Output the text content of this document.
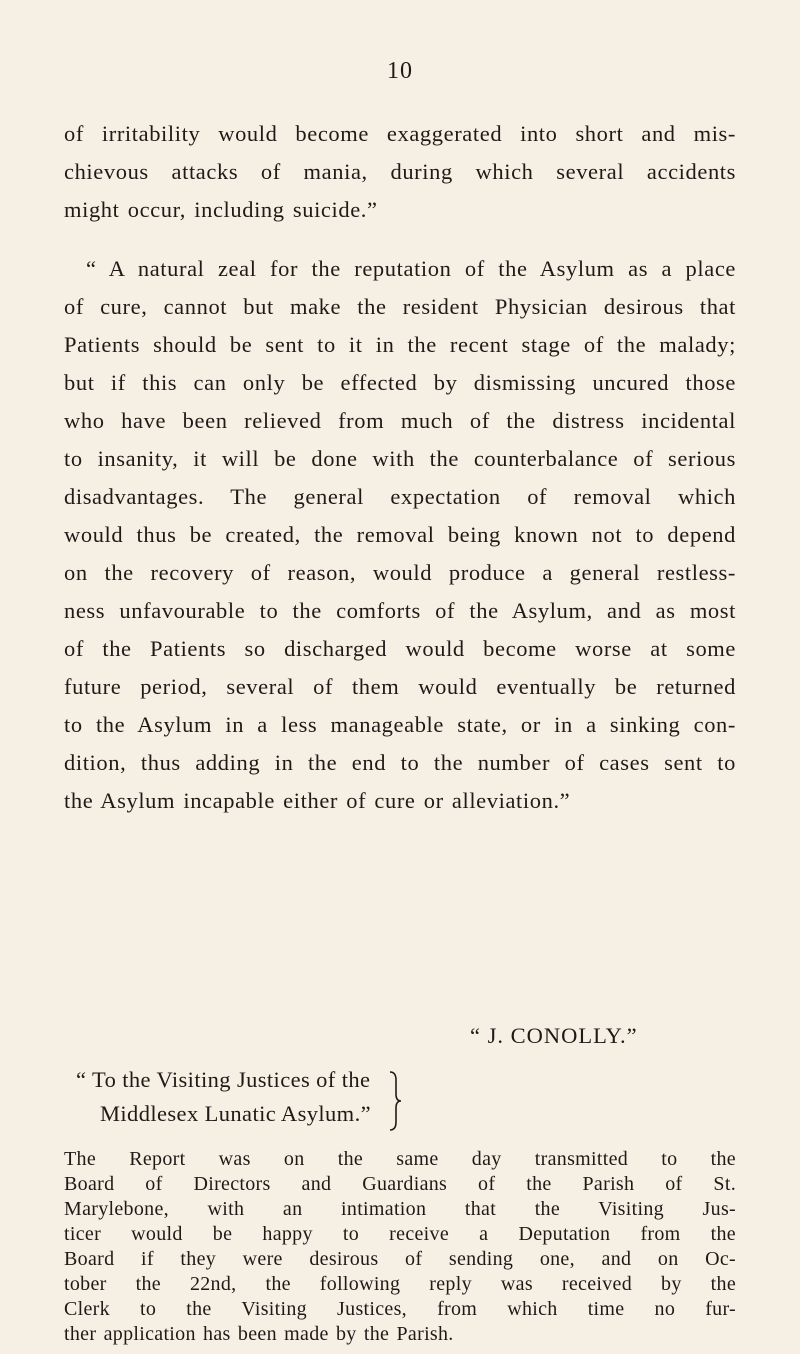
10
of irritability would become exaggerated into short and mis-
chievous attacks of mania, during which several accidents
might occur, including suicide.”
“ A natural zeal for the reputation of the Asylum as a place
of cure, cannot but make the resident Physician desirous that
Patients should be sent to it in the recent stage of the malady;
but if this can only be effected by dismissing uncured those
who have been relieved from much of the distress incidental
to insanity, it will be done with the counterbalance of serious
disadvantages. The general expectation of removal which
would thus be created, the removal being known not to depend
on the recovery of reason, would produce a general restless-
ness unfavourable to the comforts of the Asylum, and as most
of the Patients so discharged would become worse at some
future period, several of them would eventually be returned
to the Asylum in a less manageable state, or in a sinking con-
dition, thus adding in the end to the number of cases sent to
the Asylum incapable either of cure or alleviation.”
“ J. CONOLLY.”
“ To the Visiting Justices of the
Middlesex Lunatic Asylum.”
The Report was on the same day transmitted to the
Board of Directors and Guardians of the Parish of St.
Marylebone, with an intimation that the Visiting Jus-
ticer would be happy to receive a Deputation from the
Board if they were desirous of sending one, and on Oc-
tober the 22nd, the following reply was received by the
Clerk to the Visiting Justices, from which time no fur-
ther application has been made by the Parish.
